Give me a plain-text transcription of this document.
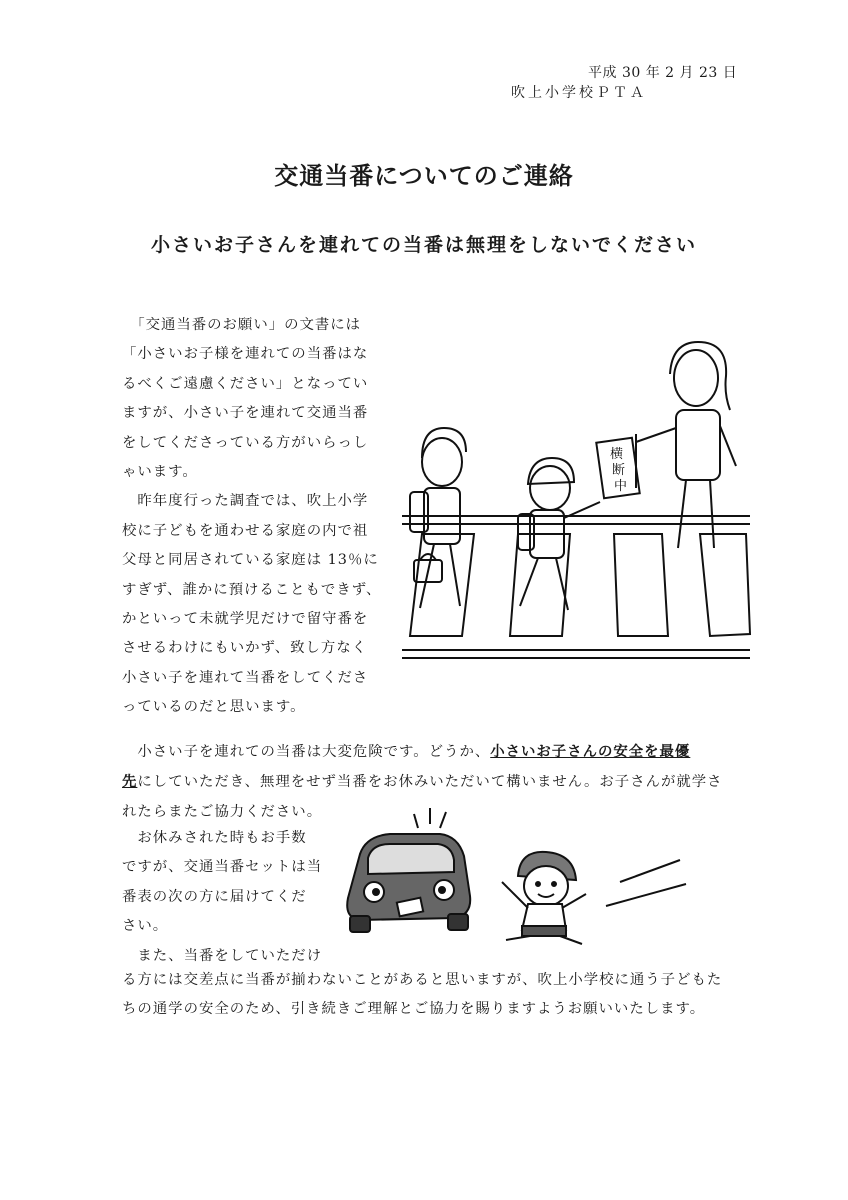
平成 30 年 2 月 23 日
吹上小学校ＰＴＡ
交通当番についてのご連絡
小さいお子さんを連れての当番は無理をしないでください
　「交通当番のお願い」の文書には
「小さいお子様を連れての当番はな
るべくご遠慮ください」となってい
ますが、小さい子を連れて交通当番
をしてくださっている方がいらっし
ゃいます。
　昨年度行った調査では、吹上小学
校に子どもを通わせる家庭の内で祖
父母と同居されている家庭は 13％に
すぎず、誰かに預けることもできず、
かといって未就学児だけで留守番を
させるわけにもいかず、致し方なく
小さい子を連れて当番をしてくださ
っているのだと思います。
横
断
中
　小さい子を連れての当番は大変危険です。どうか、小さいお子さんの安全を最優
先にしていただき、無理をせず当番をお休みいただいて構いません。お子さんが就学さ
れたらまたご協力ください。
　お休みされた時もお手数
ですが、交通当番セットは当
番表の次の方に届けてくだ
さい。
　また、当番をしていただけ
る方には交差点に当番が揃わないことがあると思いますが、吹上小学校に通う子どもた
ちの通学の安全のため、引き続きご理解とご協力を賜りますようお願いいたします。
